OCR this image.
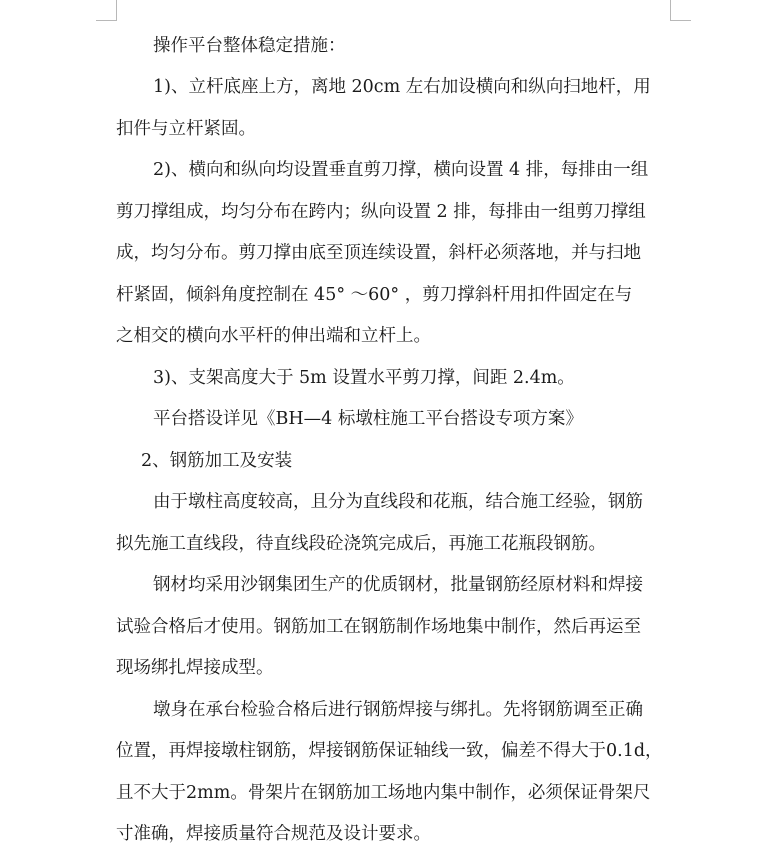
操作平台整体稳定措施：
1)、立杆底座上方，离地 20cm 左右加设横向和纵向扫地杆，用
扣件与立杆紧固。
2)、横向和纵向均设置垂直剪刀撑，横向设置 4 排，每排由一组
剪刀撑组成，均匀分布在跨内；纵向设置 2 排，每排由一组剪刀撑组
成，均匀分布。剪刀撑由底至顶连续设置，斜杆必须落地，并与扫地
杆紧固，倾斜角度控制在 45° ～60° ，剪刀撑斜杆用扣件固定在与
之相交的横向水平杆的伸出端和立杆上。
3)、支架高度大于 5m 设置水平剪刀撑，间距 2.4m。
平台搭设详见《BH—4 标墩柱施工平台搭设专项方案》
2、钢筋加工及安装
由于墩柱高度较高，且分为直线段和花瓶，结合施工经验，钢筋
拟先施工直线段，待直线段砼浇筑完成后，再施工花瓶段钢筋。
钢材均采用沙钢集团生产的优质钢材，批量钢筋经原材料和焊接
试验合格后才使用。钢筋加工在钢筋制作场地集中制作，然后再运至
现场绑扎焊接成型。
墩身在承台检验合格后进行钢筋焊接与绑扎。先将钢筋调至正确
位置，再焊接墩柱钢筋，焊接钢筋保证轴线一致，偏差不得大于0.1d，
且不大于2mm。骨架片在钢筋加工场地内集中制作，必须保证骨架尺
寸准确，焊接质量符合规范及设计要求。
